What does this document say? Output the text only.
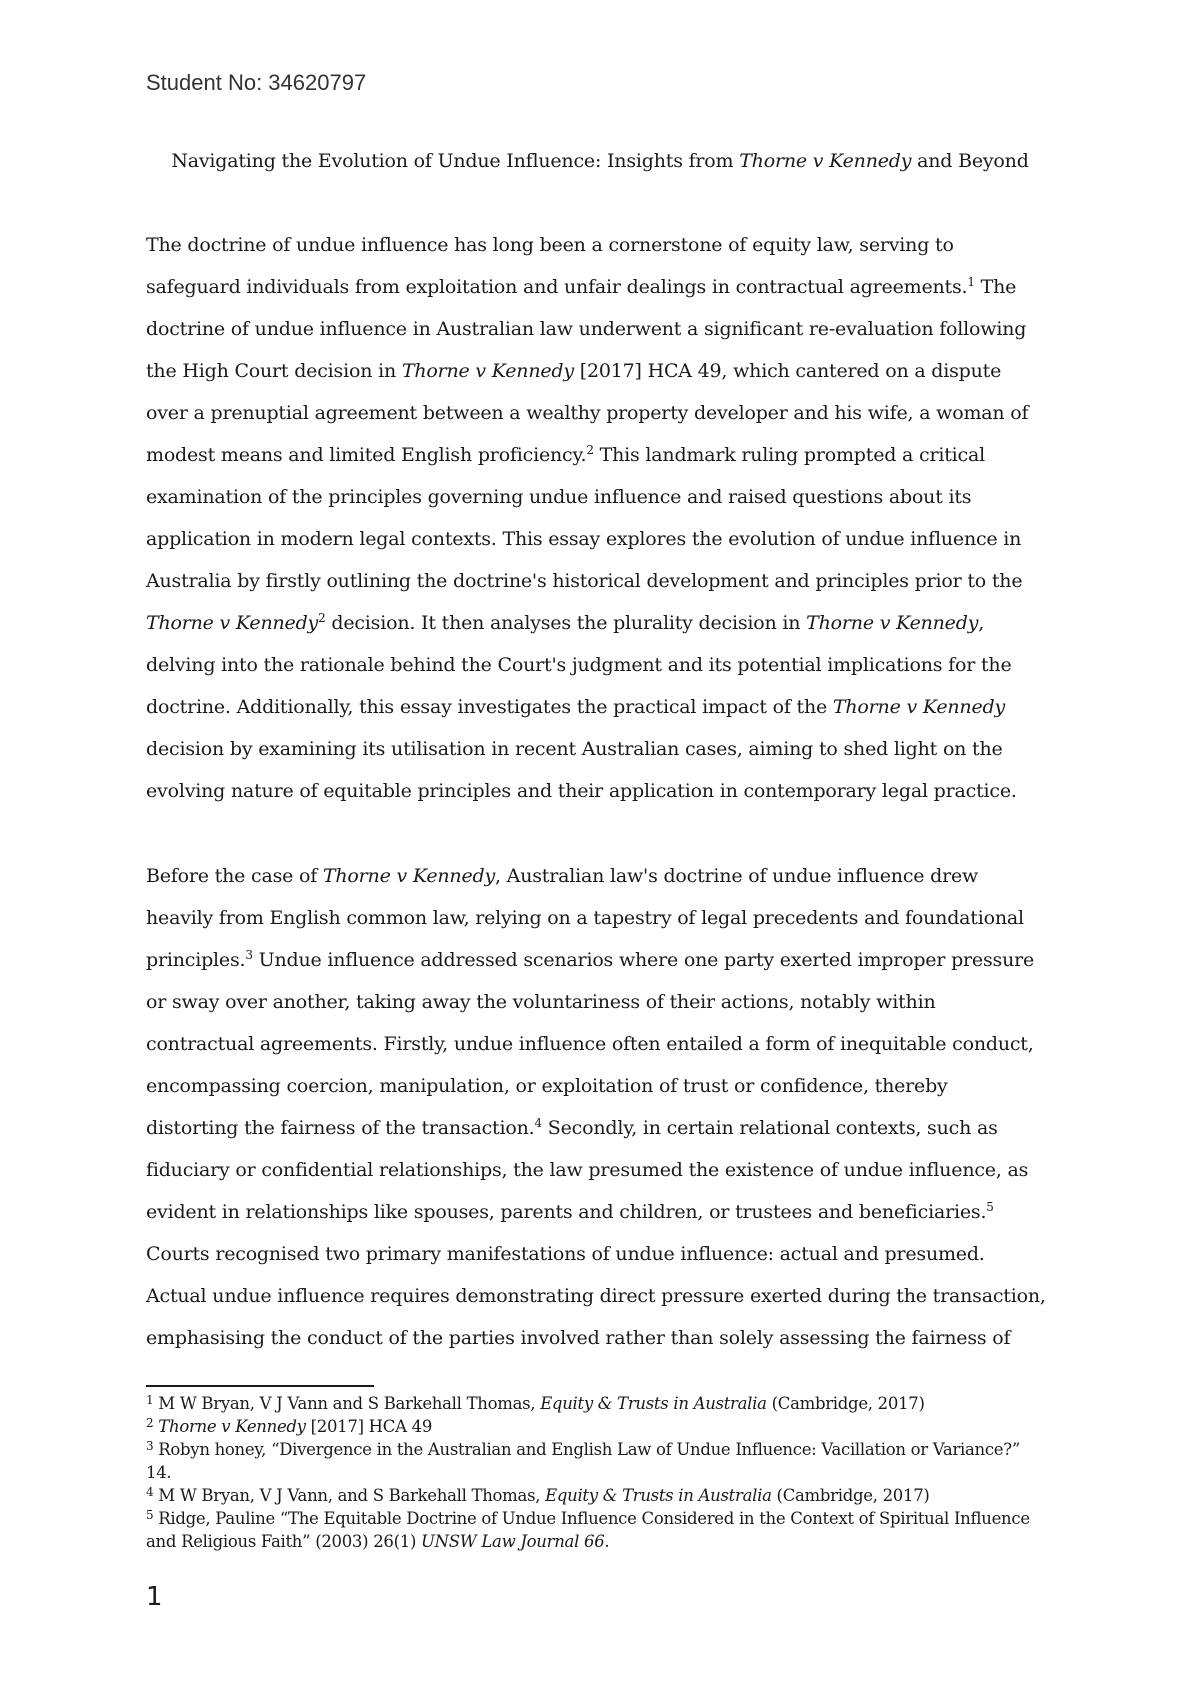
Student No: 34620797
Navigating the Evolution of Undue Influence: Insights from Thorne v Kennedy and Beyond

The doctrine of undue influence has long been a cornerstone of equity law, serving to
safeguard individuals from exploitation and unfair dealings in contractual agreements.$^1$ The
doctrine of undue influence in Australian law underwent a significant re-evaluation following
the High Court decision in Thorne v Kennedy [2017] HCA 49, which cantered on a dispute
over a prenuptial agreement between a wealthy property developer and his wife, a woman of
modest means and limited English proficiency.$^2$ This landmark ruling prompted a critical
examination of the principles governing undue influence and raised questions about its
application in modern legal contexts. This essay explores the evolution of undue influence in
Australia by firstly outlining the doctrine's historical development and principles prior to the
Thorne v Kennedy$^2$ decision. It then analyses the plurality decision in Thorne v Kennedy,
delving into the rationale behind the Court's judgment and its potential implications for the
doctrine. Additionally, this essay investigates the practical impact of the Thorne v Kennedy
decision by examining its utilisation in recent Australian cases, aiming to shed light on the
evolving nature of equitable principles and their application in contemporary legal practice.

Before the case of Thorne v Kennedy, Australian law's doctrine of undue influence drew
heavily from English common law, relying on a tapestry of legal precedents and foundational
principles.$^3$ Undue influence addressed scenarios where one party exerted improper pressure
or sway over another, taking away the voluntariness of their actions, notably within
contractual agreements. Firstly, undue influence often entailed a form of inequitable conduct,
encompassing coercion, manipulation, or exploitation of trust or confidence, thereby
distorting the fairness of the transaction.$^4$ Secondly, in certain relational contexts, such as
fiduciary or confidential relationships, the law presumed the existence of undue influence, as
evident in relationships like spouses, parents and children, or trustees and beneficiaries.$^5$
Courts recognised two primary manifestations of undue influence: actual and presumed.
Actual undue influence requires demonstrating direct pressure exerted during the transaction,
emphasising the conduct of the parties involved rather than solely assessing the fairness of

$^1$ M W Bryan, V J Vann and S Barkehall Thomas, Equity & Trusts in Australia (Cambridge, 2017)
$^2$ Thorne v Kennedy [2017] HCA 49
$^3$ Robyn honey, “Divergence in the Australian and English Law of Undue Influence: Vacillation or Variance?”
14.
$^4$ M W Bryan, V J Vann, and S Barkehall Thomas, Equity & Trusts in Australia (Cambridge, 2017)
$^5$ Ridge, Pauline “The Equitable Doctrine of Undue Influence Considered in the Context of Spiritual Influence
and Religious Faith” (2003) 26(1) UNSW Law Journal 66.
1
